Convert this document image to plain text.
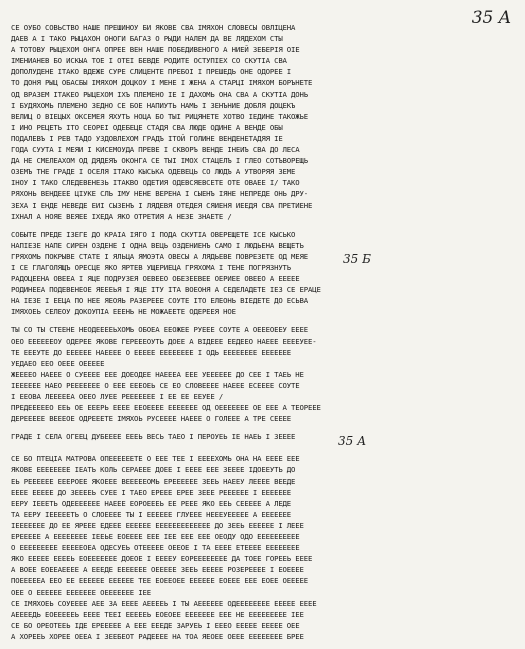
35 A
35 Б
35 А
СЕ ОУБО СОВЬСТВО НАШЕ ПРЕШИНОУ БИ ЯКОВЕ СВА ІМЯХОН СЛОВЕСЫ ОВЛІЦЕНА
ДАЕВ А І ТАКО РЫЦАХОН ОНОГИ БАГАЗ О РЫДИ НАЛЕМ ДА ВЕ ЛЯДЕХОМ СТЫ
А ТОТОВУ РЫЦЕХОМ ОНГА ОПРЕЕ ВЕН НАШЕ ПОБЕДИВЕНОГО А НИЕЙ ЗЕБЕРІЯ ОІЕ
ІМЕНИАНЕВ БО ИСКЫА ТОЕ І ОТЕІ БЕВДЕ РОДИТЕ ОСТУПІЕХ СО СКУТІА СВА
ДОПОЛУДЕНЕ ІТАКО ВДЕЖЕ СУРЕ СЛИЦЕНТЕ ПРЕБОІ І ПРЕШЕДЬ ОНЕ ОДОРЕЕ І
ТО ДОНЯ РЫЦ ОБАСБЫ ІМЯХОМ ДОЦКОУ І МЕНЕ І ЖЕНА А СТАРЦІ ІМЯХОМ БОРЪНЕТЕ
ОД ВРАЗЕМ ІТАКЕО РЫЦЕХОМ ІХЪ ПЛЕМЕНО ІЕ І ДАХОМЬ ОНА СВА А СКУТІА ДОНЬ
І БУДЯХОМЬ ПЛЕМЕНО ЗЕДНО СЕ БОЕ НАПИУТЬ НАМЬ І ЗЕНЪНИЕ ДОБЛЯ ДОЦЕКЪ
ВЕЛИЦ О ВІЕЦЫХ ОКСЕМЕЯ ЯХУТЬ НОЦА БО ТЫІ РИЦЯНЕТЕ ХОТВО ІЕДИНЕ ТАКОЖЬЕ
І ИНО РЕЦЕТЬ ІТО СЕОРЕІ ОДЕБЕЦЕ СТАДЯ СВА ЛЮДЕ ОДИНЕ А ВЕНДЕ ОБЫ
ПОДАЛЕВЪ І РЕВ ТАДО УЗДОВЛЕХОМ ГРАДЪ ІТОЙ ГОЛИНЕ ВЕНДЕНЕТАДЯЯ ІЕ
ГОДА СУУТА І МЕЯИ І КИСЕМОУДА ПРЕВЕ І СКВОРЪ ВЕНДЕ ІНЕИЪ СВА ДО ЛЕСА
ДА НЕ СМЕЛЕАХОМ ОД ДЯДЕЯЪ ОКОНГА СЕ ТЫІ ІМОХ СТАЦЕЛЪ І ГЛЕО СОТЪВОРЕЩЬ
ОЗЕМЪ ТНЕ ГРАДЕ І ОСЕЛЯ ІТАКО КЫСЬКА ОДЕВЕЦЬ СО ЛЮДЪ А УТВОРЯЯ ЗЕМЕ
ІНОУ І ТАКО СЛЕДЕВЕНЕЗЬ ІТАКВО ОДЕТИЯ ОДЕВСЯЕВСЕТЕ ОТЕ ОВАЕЕ І/ ТАКО
РЯХОНЬ ВЕНДЕЕЕ ЦІУКЕ СЛЬ ІМУ НЕНЕ ВЕРЕНА І СЫЕНЪ ІЯНЕ НЕПРЕДЕ ОНЬ ДРУ-
ЗЕХА І ЕНДЕ НЕВЕДЕ ЕИІ СЫЗЕНЪ І ЛЯДЕВЯ ОТЕДЕЯ СЯИЕНЯ ИЕЕДЯ СВА ПРЕТИЕНЕ
ІХНАЛ А НОЯЕ ВЕЯЕЕ ІХЕДА ЯКО ОТРЕТИЯ А НЕЗЕ ЗНАЕТЕ /
СОБЫТЕ ПРЕДЕ ІЗЕГЕ ДО КРАІА ІЯГО І ПОДА СКУТІА ОВЕРЕЩЕТЕ ІСЕ КЫСЬКО
НАПІЕЗЕ НАПЕ СИРЕН ОЗДЕНЕ І ОДНА ВЕЦЬ ОЗДЕНИЕНЪ САМО І ЛЮДЬЕНА ВЕЩЕТЬ
ГРЯХОМЬ ПОКРЫВЕ СТАТЕ І ЯЛЬЦА ЯМОЭТА ОВЕСЫ А ЛЯДЬЕВЕ ПОВРЕЗЕТЕ ОД МЕЯЕ
І СЕ ГЛАГОЛЯЩЪ ОРЕСЦЕ ЯКО ЯРТЕВ УЩЕРИЕЦА ГРЯХОМА І ТЕНЕ ПОГРЯЗНУТЬ
РАДОЦЕЕНА ОВЕЕА І ЯЦЕ ПОДРУЗЕЯ ОЕВЕЕО ОБЕЗЕЕВЕЕ ОЕРИЕЕ ОВЕЕО А ЕЕЕЕЕ
РОДИНЕЕА ПОДЕВЕНЕОЕ ЯЕЕЕЬЯ І ЯЦЕ ІТУ ІТА ВОЕОНЯ А СЕДЕЛАДЕТЕ ІЕЗ СЕ ЕРАЦЕ
НА ІЕЗЕ І ЕЕЦА ПО НЕЕ ЯЕОЯЬ РАЗЕРЕЕЕ СОУТЕ ІТО ЕЛЕОНЬ ВІЕДЕТЕ ДО ЕСЬВА
ІМЯХОЕЬ СЕЛЕОУ ДОКОУПІА ЕЕЕНЬ НЕ МОЖАЕЕТЕ ОДЕРЕЕЯ НОЕ
ТЫ СО ТЫ СТЕЕНЕ НЕОДЕЕЕЕЬХОМЬ ОБОЕА ЕЕОЖЕЕ РУЕЕЕ СОУТЕ А ОЕЕЕОЕЕУ ЕЕЕЕ
ОЕО ЕЕЕЕЕЕОУ ОДЕРЕЕ ЯКОВЕ ГЕРЕЕЕОУТЬ ДОЕЕ А ВІДЕЕЕ ЕЕДЕЕО НАЕЕЕ ЕЕЕЕУЕЕ-
ТЕ ЕЕЕУТЕ ДО ЕЕЕЕЕЕ НАЕЕЕЕ О ЕЕЕЕЕ ЕЕЕЕЕЕЕЕ І ОДЬ ЕЕЕЕЕЕЕЕ ЕЕЕЕЕЕЕ
УЕДАЕО ЕЕО ОЕЕЕ ОЕЕЕЕЕ
ЖЕЕЕЕО НАЕЕЕ О СУЕЕЕЕ ЕЕЕ ДОЕОДЕЕ НАЕЕЕА ЕЕЕ УЕЕЕЕЕЕ ДО СЕЕ І ТАЕЬ НЕ
ІЕЕЕЕЕЕ НАЕО РЕЕЕЕЕЕЕ О ЕЕЕ ЕЕЕОЕЬ СЕ ЕО СЛОВЕЕЕЕ НАЕЕЕ ЕСЕЕЕЕ СОУТЕ
І ЕЕОВА ЛЕЕЕЕЕА ОЕЕО ЛУЕЕ РЕЕЕЕЕЕЕ І ЕЕ ЕЕ ЕЕУЕЕ /
ПРЕДЕЕЕЕЕО ЕЕЬ ОЕ ЕЕЕРЬ ЕЕЕЕ ЕЕОЕЕЕЕ ЕЕЕЕЕЕЕ ОД ОЕЕЕЕЕЕЕ ОЕ ЕЕЕ А ТЕОРЕЕЕ
ДЕРЕЕЕЕЕ ВЕЕЕОЕ ОДРЕЕЕТЕ ІМЯХОЬ РУСЕЕЕЕ НАЕЕЕ О ГОЛЕЕЕ А ТРЕ СЕЕЕЕ
ГРАДЕ І СЕЛА ОГЕЕЦ ДУБЕЕЕЕ ЕЕЕЬ ВЕСЬ ТАЕО І ПЕРОУЕЬ ІЕ НАЕЬ І ЗЕЕЕЕ
СЕ БО ПТЕЦІА МАТРОВА ОПЕЕЕЕЕЕТЕ О ЕЕЕ ТЕЕ І ЕЕЕЕХОМЬ ОНА НА ЕЕЕЕ ЕЕЕ
ЯКОВЕ ЕЕЕЕЕЕЕЕ ІЕАТЬ КОЛЬ СЕРАЕЕЕ ДОЕЕ І ЕЕЕЕ ЕЕЕ ЗЕЕЕЕ ІДОЕЕУТЬ ДО
ЕЬ РЕЕЕЕЕЕ ЕЕЕРОЕЕ ЯКОЕЕЕ ВЕЕЕЕЕОМЬ ЕРЕЕЕЕЕЕ ЗЕЕЬ НАЕЕУ ЛЕЕЕЕ ВЕЕДЕ
ЕЕЕЕ ЕЕЕЕЕ ДО ЗЕЕЕЕЬ СУЕЕ І ТАЕО ЕРЕЕЕ ЕРЕЕ ЗЕЕЕ РЕЕЕЕЕЕ І ЕЕЕЕЕЕЕ
ЕЕРУ ІЕЕЕТЬ ОДЕЕЕЕЕЕЕ НАЕЕЕ ЕОРОЕЕЕЬ ЕЕ РЕЕЕ ЯКО ЕЕЬ СЕЕЕЕЕ А ЛЕДЕ
ТА ЕЕРУ ІЕЕЕЕЕТЬ О СЛОЕЕЕЕ ТЫ І ЕЕЕЕЕЕ ГЛУЕЕЕ НЕЕЕУЕЕЕЕЕ А ЕЕЕЕЕЕЕ
ІЕЕЕЕЕЕЕ ДО ЕЕ ЯРЕЕЕ ЕДЕЕЕ ЕЕЕЕЕЕ ЕЕЕЕЕЕЕЕЕЕЕЕЕ ДО ЗЕЕЬ ЕЕЕЕЕЕ І ЛЕЕЕ
ЕРЕЕЕЕЕ А ЕЕЕЕЕЕЕЕ ІЕЕЬЕ ЕОЕЕЕЕ ЕЕЕ ІЕЕ ЕЕЕ ЕЕЕ ОЕОДУ ОДО ЕЕЕЕЕЕЕЕЕЕ
О ЕЕЕЕЕЕЕЕЕ ЕЕЕЕЕОЕА ОДЕСУЕЬ ОТЕЕЕЕЕ ОЕЕОЕ І ТА ЕЕЕЕ ЕТЕЕЕЕ ЕЕЕЕЕЕЕЕ
ЯКО ЕЕЕЕЕ ЕЕЕЕЬ ЕОЕЕЕЕЕЕЕ ДОЕОЕ І ЕЕЕЕУ ЕОРЕЕЕЕЕЕЕЕ ДА ТОЕЕ ГОРЕЕЬ ЕЕЕЕ
А ВОЕЕ ЕОЕЕАЕЕЕЕ А ЕЕЕДЕ ЕЕЕЕЕЕЕ ОЕЕЕЕЕ ЗЕЕЬ ЕЕЕЕЕ РОЗЕРЕЕЕЕ І ЕОЕЕЕЕ
ПОЕЕЕЕЕА ЕЕО ЕЕ ЕЕЕЕЕЕ ЕЕЕЕЕЕ ТЕЕ ЕОЕЕОЕЕ ЕЕЕЕЕЕ ЕОЕЕЕ ЕЕЕ ЕОЕЕ ОЕЕЕЕЕ
ОЕЕ О ЕЕЕЕЕЕ ЕЕЕЕЕЕЕ ОЕЕЕЕЕЕЕ ІЕЕ
СЕ ІМЯХОЕЬ СОУЕЕЕЕ АЕЕ ЗА ЕЕЕЕ АЕЕЕЕЬ І ТЫ АЕЕЕЕЕЕ ОДЕЕЕЕЕЕЕЕ ЕЕЕЕЕ ЕЕЕЕ
АЕЕЕЕДЬ ЕОЕЕЕЕЕЬ ЕЕЕЕ ТЕЕІ ЕЕЕЕЕЬ ЕОЕОЕЕ ЕЕЕЕЕЕЕ ЕЕЕ НЕ ЕЕЕЕЕЕЕЕЕ ІЕЕ
СЕ БО ОРЕОТЕЕЬ ІДЕ ЕРЕЕЕЕЕ А ЕЕЕ ЕЕЕДЕ ЗАРУЕЬ І ЕЕЕО ЕЕЕЕЕ ЕЕЕЕЕ ОЕЕ
А ХОРЕЕЬ ХОРЕЕ ОЕЕА І ЗЕЕБЕОТ РАДЕЕЕЕ НА ТОА ЯЕОЕЕ ОЕЕЕ ЕЕЕЕЕЕЕЕ БРЕЕ
